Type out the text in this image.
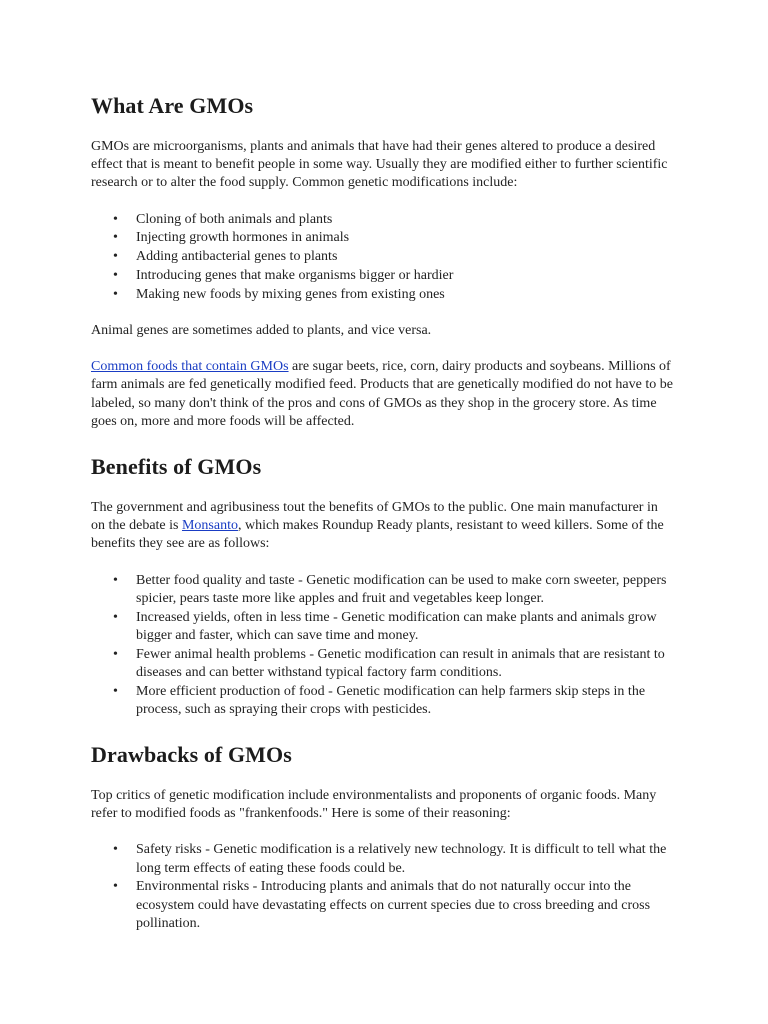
What Are GMOs

GMOs are microorganisms, plants and animals that have had their genes altered to produce a desired effect that is meant to benefit people in some way. Usually they are modified either to further scientific research or to alter the food supply. Common genetic modifications include:

• Cloning of both animals and plants
• Injecting growth hormones in animals
• Adding antibacterial genes to plants
• Introducing genes that make organisms bigger or hardier
• Making new foods by mixing genes from existing ones

Animal genes are sometimes added to plants, and vice versa.

Common foods that contain GMOs are sugar beets, rice, corn, dairy products and soybeans. Millions of farm animals are fed genetically modified feed. Products that are genetically modified do not have to be labeled, so many don't think of the pros and cons of GMOs as they shop in the grocery store. As time goes on, more and more foods will be affected.

Benefits of GMOs

The government and agribusiness tout the benefits of GMOs to the public. One main manufacturer in on the debate is Monsanto, which makes Roundup Ready plants, resistant to weed killers. Some of the benefits they see are as follows:

• Better food quality and taste - Genetic modification can be used to make corn sweeter, peppers spicier, pears taste more like apples and fruit and vegetables keep longer.
• Increased yields, often in less time - Genetic modification can make plants and animals grow bigger and faster, which can save time and money.
• Fewer animal health problems - Genetic modification can result in animals that are resistant to diseases and can better withstand typical factory farm conditions.
• More efficient production of food - Genetic modification can help farmers skip steps in the process, such as spraying their crops with pesticides.
Drawbacks of GMOs

Top critics of genetic modification include environmentalists and proponents of organic foods. Many refer to modified foods as "frankenfoods." Here is some of their reasoning:

• Safety risks - Genetic modification is a relatively new technology. It is difficult to tell what the long term effects of eating these foods could be.
• Environmental risks - Introducing plants and animals that do not naturally occur into the ecosystem could have devastating effects on current species due to cross breeding and cross pollination.
